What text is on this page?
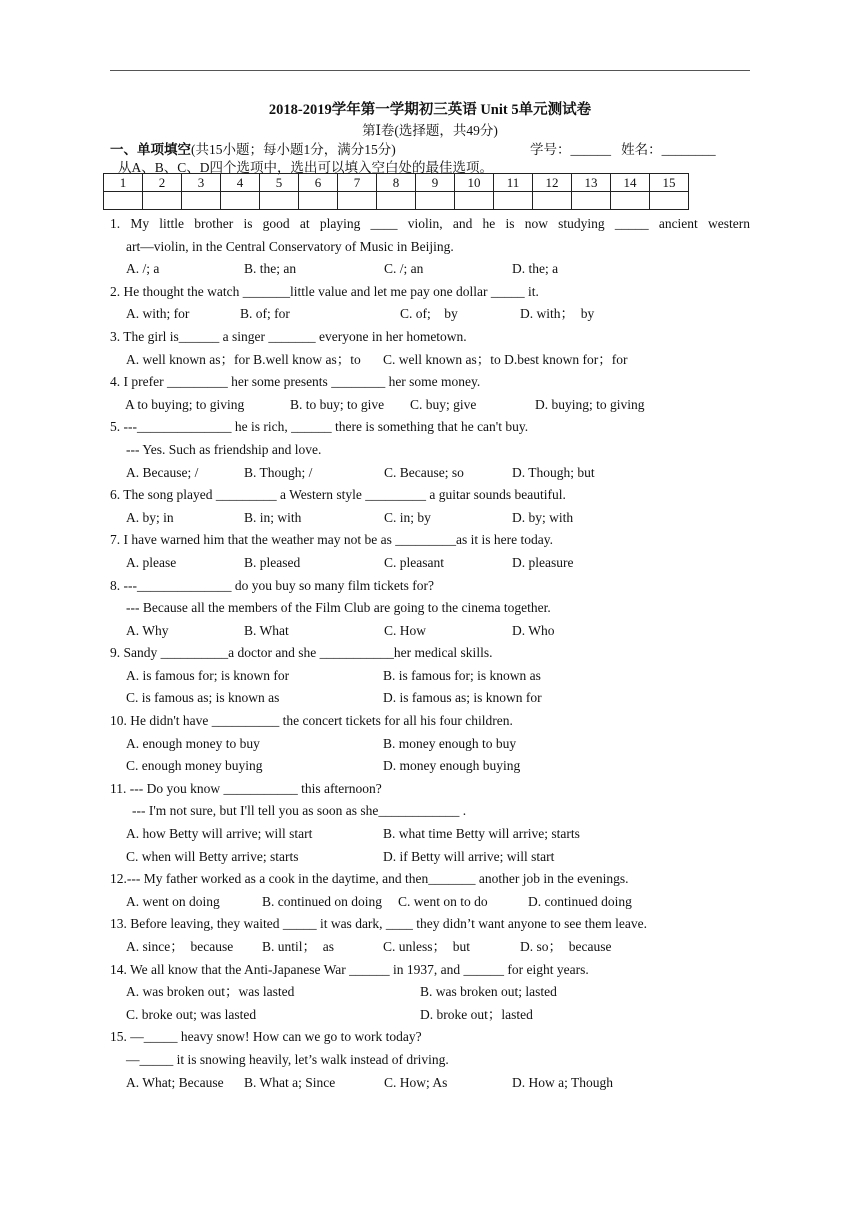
2018-2019学年第一学期初三英语 Unit 5单元测试卷
第Ⅰ卷(选择题，共49分)
一、单项填空(共15小题；每小题1分，满分15分)	学号：______ 姓名：________
从A、B、C、D四个选项中，选出可以填入空白处的最佳选项。
1	2	3	4	5	6	7	8	9	10	11	12	13	14	15

1. My little brother is good at playing ____ violin, and he is now studying _____ ancient western
art—violin, in the Central Conservatory of Music in Beijing.
A. /; a	B. the; an	C. /; an	D. the; a
2. He thought the watch _______little value and let me pay one dollar _____ it.
A. with; for	B. of; for	C. of;　by	D. with；　by
3. The girl is______ a singer _______ everyone in her hometown.
A. well known as；for B.well know as；to C. well known as；to D.best known for；for
4. I prefer _________ her some presents ________ her some money.
A to buying; to giving	B. to buy; to give C. buy; give	D. buying; to giving
5. ---______________ he is rich, ______ there is something that he can't buy.
--- Yes. Such as friendship and love.
A. Because; /	B. Though; /	C. Because; so	D. Though; but
6. The song played _________ a Western style _________ a guitar sounds beautiful.
A. by; in	B. in; with	C. in; by	D. by; with
7. I have warned him that the weather may not be as _________as it is here today.
A. please	B. pleased	C. pleasant	D. pleasure
8. ---______________ do you buy so many film tickets for?
--- Because all the members of the Film Club are going to the cinema together.
A. Why	B. What	C. How	D. Who
9. Sandy __________a doctor and she ___________her medical skills.
A. is famous for; is known for	B. is famous for; is known as
C. is famous as; is known as	D. is famous as; is known for
10. He didn't have __________ the concert tickets for all his four children.
A. enough money to buy	B. money enough to buy
C. enough money buying	D. money enough buying
11. --- Do you know ___________ this afternoon?
--- I'm not sure, but I'll tell you as soon as she____________ .
A. how Betty will arrive; will start	B. what time Betty will arrive; starts
C. when will Betty arrive; starts	D. if Betty will arrive; will start
12.--- My father worked as a cook in the daytime, and then_______ another job in the evenings.
A. went on doing	B. continued on doing C. went on to do	D. continued doing
13. Before leaving, they waited _____ it was dark, ____ they didn’t want anyone to see them leave.
A. since；　because B. until；　as	C. unless；　but	D. so；　because
14. We all know that the Anti-Japanese War ______ in 1937, and ______ for eight years.
A. was broken out；was lasted	B. was broken out; lasted
C. broke out; was lasted	D. broke out；lasted
15. —_____ heavy snow! How can we go to work today?
—_____ it is snowing heavily, let’s walk instead of driving.
A. What; Because B. What a; Since	C. How; As	D. How a; Though
